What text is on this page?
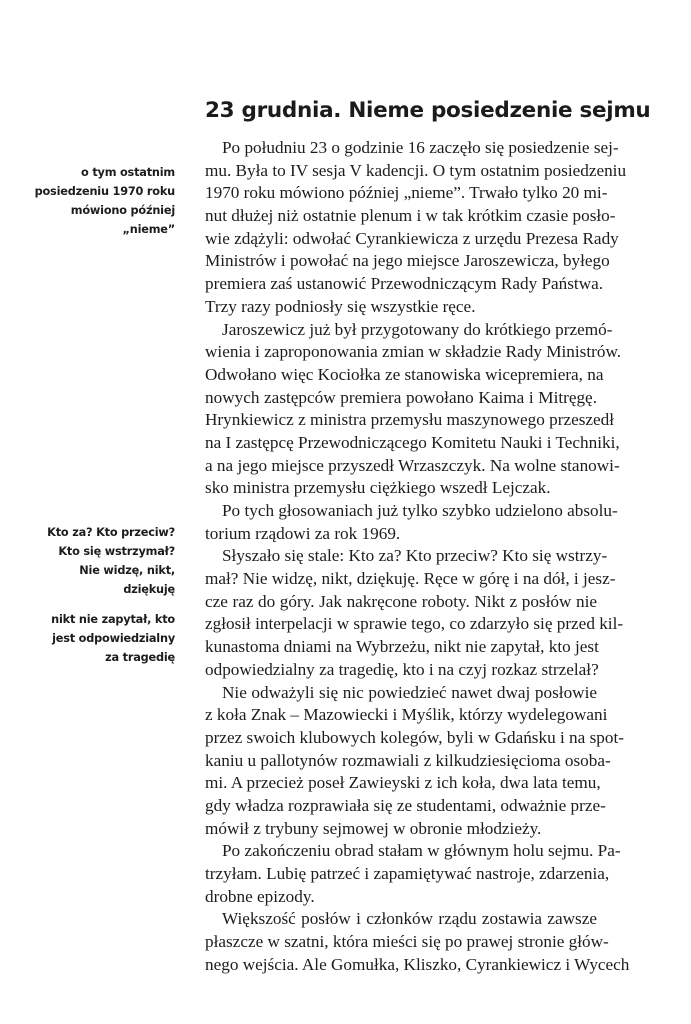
23 grudnia. Nieme posiedzenie sejmu

Po południu 23 o godzinie 16 zaczęło się posiedzenie sej-
mu. Była to IV sesja V kadencji. O tym ostatnim posiedzeniu
1970 roku mówiono później „nieme”. Trwało tylko 20 mi-
nut dłużej niż ostatnie plenum i w tak krótkim czasie posło-
wie zdążyli: odwołać Cyrankiewicza z urzędu Prezesa Rady
Ministrów i powołać na jego miejsce Jaroszewicza, byłego
premiera zaś ustanowić Przewodniczącym Rady Państwa.
Trzy razy podniosły się wszystkie ręce.

Jaroszewicz już był przygotowany do krótkiego przemó-
wienia i zaproponowania zmian w składzie Rady Ministrów.
Odwołano więc Kociołka ze stanowiska wicepremiera, na
nowych zastępców premiera powołano Kaima i Mitręgę.
Hrynkiewicz z ministra przemysłu maszynowego przeszedł
na I zastępcę Przewodniczącego Komitetu Nauki i Techniki,
a na jego miejsce przyszedł Wrzaszczyk. Na wolne stanowi-
sko ministra przemysłu ciężkiego wszedł Lejczak.

Po tych głosowaniach już tylko szybko udzielono absolu-
torium rządowi za rok 1969.

Słyszało się stale: Kto za? Kto przeciw? Kto się wstrzy-
mał? Nie widzę, nikt, dziękuję. Ręce w górę i na dół, i jesz-
cze raz do góry. Jak nakręcone roboty. Nikt z posłów nie
zgłosił interpelacji w sprawie tego, co zdarzyło się przed kil-
kunastoma dniami na Wybrzeżu, nikt nie zapytał, kto jest
odpowiedzialny za tragedię, kto i na czyj rozkaz strzelał?

Nie odważyli się nic powiedzieć nawet dwaj posłowie
z koła Znak – Mazowiecki i Myślik, którzy wydelegowani
przez swoich klubowych kolegów, byli w Gdańsku i na spot-
kaniu u pallotynów rozmawiali z kilkudziesięcioma osoba-
mi. A przecież poseł Zawieyski z ich koła, dwa lata temu,
gdy władza rozprawiała się ze studentami, odważnie prze-
mówił z trybuny sejmowej w obronie młodzieży.

Po zakończeniu obrad stałam w głównym holu sejmu. Pa-
trzyłam. Lubię patrzeć i zapamiętywać nastroje, zdarzenia,
drobne epizody.

Większość posłów i członków rządu zostawia zawsze
płaszcze w szatni, która mieści się po prawej stronie głów-
nego wejścia. Ale Gomułka, Kliszko, Cyrankiewicz i Wycech

o tym ostatnim
posiedzeniu 1970 roku
mówiono później
„nieme”
Kto za? Kto przeciw?
Kto się wstrzymał?
Nie widzę, nikt,
dziękuję
nikt nie zapytał, kto
jest odpowiedzialny
za tragedię
